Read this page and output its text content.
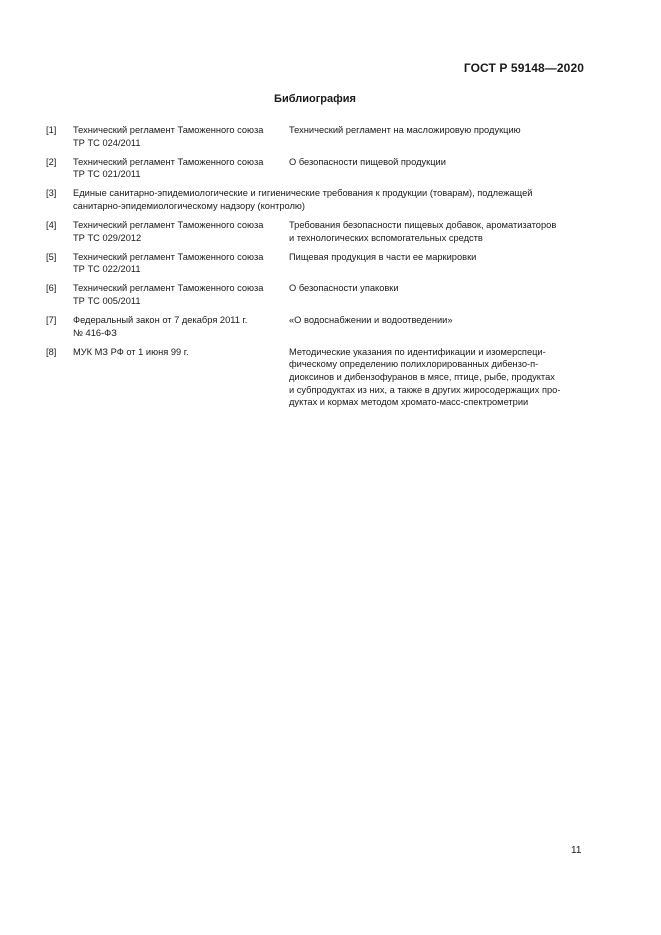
ГОСТ Р 59148—2020
Библиография
[1] Технический регламент Таможенного союза
ТР ТС 024/2011
Технический регламент на масложировую продукцию
[2] Технический регламент Таможенного союза
ТР ТС 021/2011
О безопасности пищевой продукции
[3] Единые санитарно-эпидемиологические и гигиенические требования к продукции (товарам), подлежащей
санитарно-эпидемиологическому надзору (контролю)
[4] Технический регламент Таможенного союза
ТР ТС 029/2012
Требования безопасности пищевых добавок, ароматизаторов
и технологических вспомогательных средств
[5] Технический регламент Таможенного союза
ТР ТС 022/2011
Пищевая продукция в части ее маркировки
[6] Технический регламент Таможенного союза
ТР ТС 005/2011
О безопасности упаковки
[7] Федеральный закон от 7 декабря 2011 г.
№ 416-ФЗ
«О водоснабжении и водоотведении»
[8] МУК МЗ РФ от 1 июня 99 г.	Методические указания по идентификации и изомерспеци-
фическому определению полихлорированных дибензо-п-
диоксинов и дибензофуранов в мясе, птице, рыбе, продуктах
и субпродуктах из них, а также в других жиросодержащих про-
дуктах и кормах методом хромато-масс-спектрометрии
11
